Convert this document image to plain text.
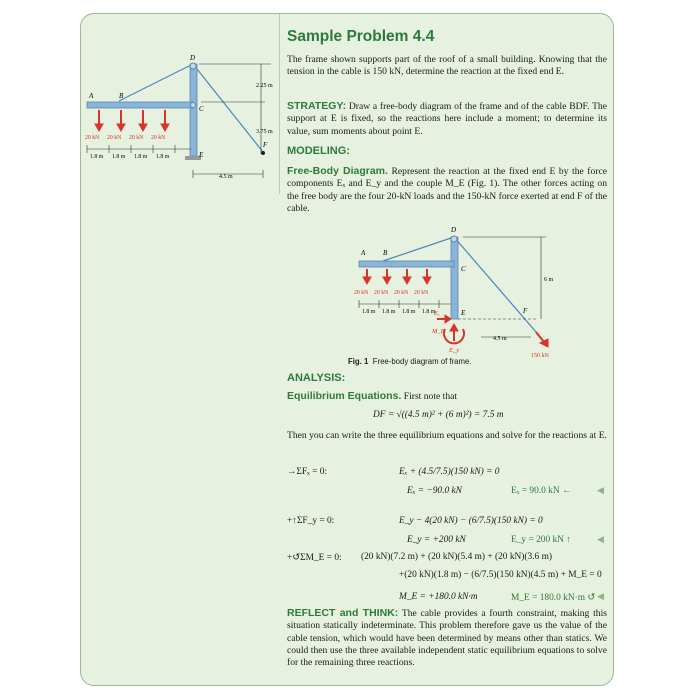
A	B
C
D
E
F
20 kN 20 kN 20 kN 20 kN
1.8 m 1.8 m 1.8 m 1.8 m
2.25 m
3.75 m
4.5 m
Sample Problem 4.4
The frame shown supports part of the roof of a small building. Knowing that the tension in the cable is 150 kN, determine the reaction at the fixed end E.
STRATEGY: Draw a free-body diagram of the frame and of the cable BDF. The support at E is fixed, so the reactions here include a moment; to determine its value, sum moments about point E.
MODELING:
Free-Body Diagram. Represent the reaction at the fixed end E by the force components Eₓ and E_y and the couple M_E (Fig. 1). The other forces acting on the free body are the four 20-kN loads and the 150-kN force exerted at end F of the cable.
A	B
C
D
E	F
20 kN 20 kN 20 kN 20 kN
1.8 m 1.8 m 1.8 m 1.8 m
6 m
4.5 m
150 kN
Eₓ
E_y
M_E
Fig. 1 Free-body diagram of frame.
ANALYSIS:
Equilibrium Equations. First note that
DF = √((4.5 m)² + (6 m)²) = 7.5 m
Then you can write the three equilibrium equations and solve for the reactions at E.
→ΣFₓ = 0:	Eₓ + (4.5/7.5)(150 kN) = 0
Eₓ = −90.0 kN	Eₓ = 90.0 kN ←	◀
+↑ΣF_y = 0:	E_y − 4(20 kN) − (6/7.5)(150 kN) = 0
E_y = +200 kN	E_y = 200 kN ↑	◀
+↺ΣM_E = 0: (20 kN)(7.2 m) + (20 kN)(5.4 m) + (20 kN)(3.6 m)
+(20 kN)(1.8 m) − (6/7.5)(150 kN)(4.5 m) + M_E = 0
M_E = +180.0 kN·m	M_E = 180.0 kN·m ↺ ◀
REFLECT and THINK: The cable provides a fourth constraint, making this situation statically indeterminate. This problem therefore gave us the value of the cable tension, which would have been determined by means other than statics. We could then use the three available independent static equilibrium equations to solve for the remaining three reactions.
